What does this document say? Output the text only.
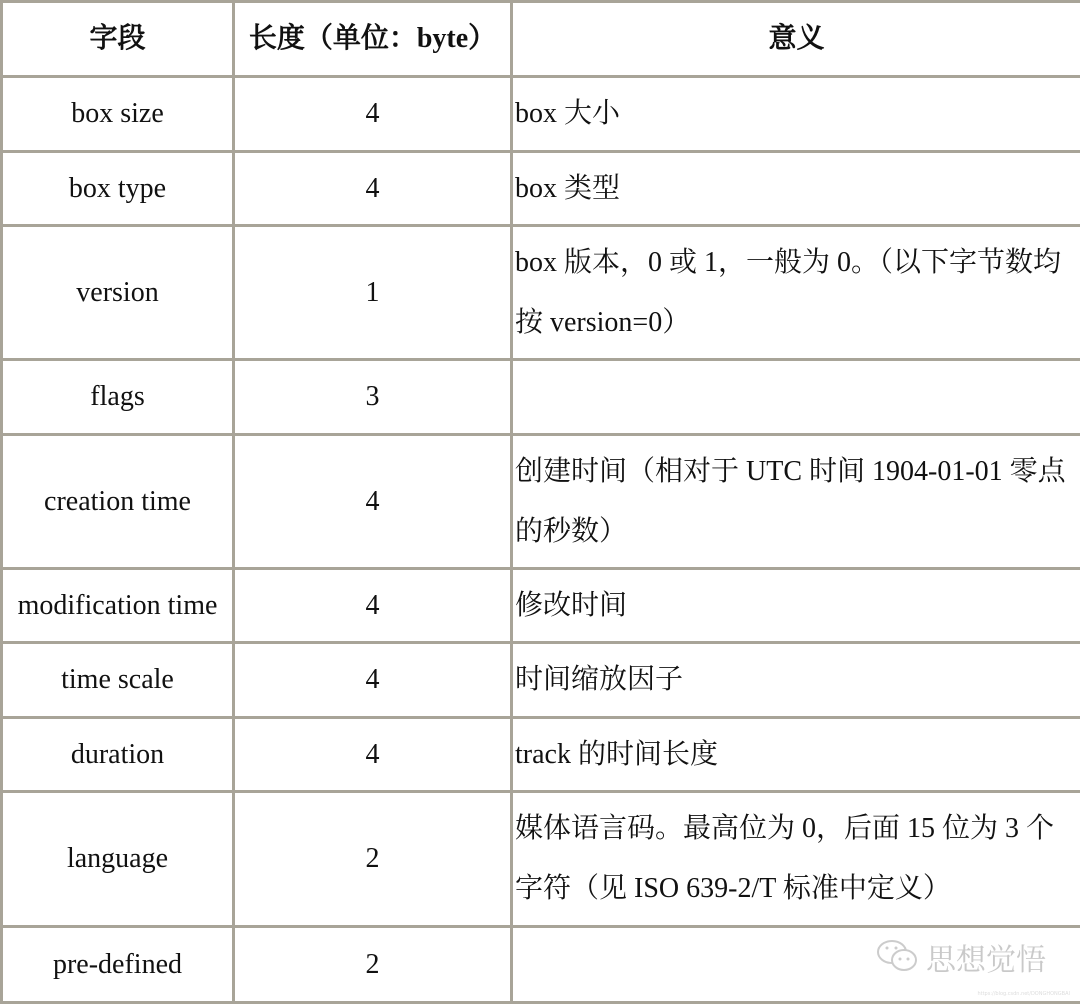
字段	长度（单位：byte）	意义
box size	4	box 大小
box type	4	box 类型
version	1	box 版本，0 或 1，一般为 0。（以下字节数均按 version=0）
flags	3	
creation time	4	创建时间（相对于 UTC 时间 1904-01-01 零点的秒数）
modification time	4	修改时间
time scale	4	时间缩放因子
duration	4	track 的时间长度
language	2	媒体语言码。最高位为 0，后面 15 位为 3 个字符（见 ISO 639-2/T 标准中定义）
pre-defined	2		思想觉悟
https://blog.csdn.net/DONGHONGBAI
